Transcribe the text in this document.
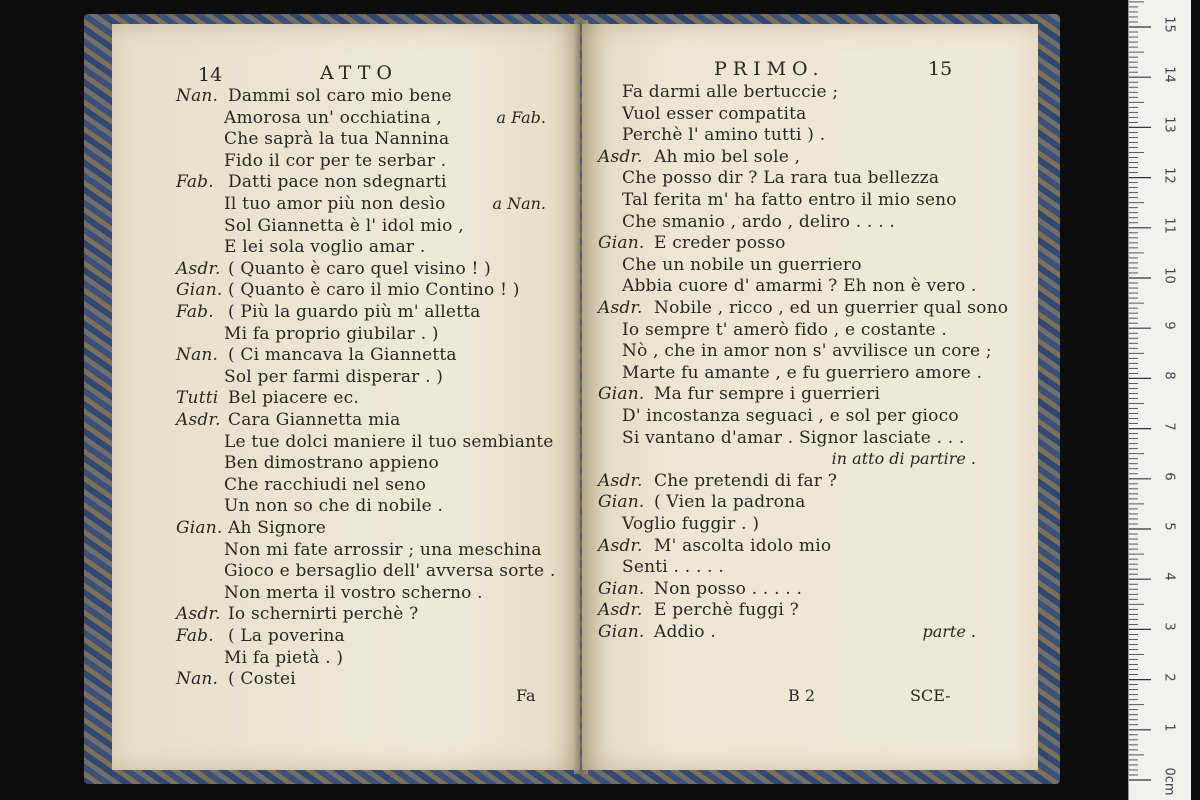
14	ATTO
Nan. Dammi sol caro mio bene
Amorosa un' occhiatina ,
Che saprà la tua Nannina
Fido il cor per te serbar .
Fab. Datti pace non sdegnarti
Il tuo amor più non desìo
Sol Giannetta è l' idol mio ,
E lei sola voglio amar .
Asdr. ( Quanto è caro quel visino ! )
Gian. ( Quanto è caro il mio Contino ! )
Fab. ( Più la guardo più m' alletta
Mi fa proprio giubilar . )
Nan. ( Ci mancava la Giannetta
Sol per farmi disperar . )
Tutti Bel piacere ec.
Asdr. Cara Giannetta mia
Le tue dolci maniere il tuo sembiante
Ben dimostrano appieno
Che racchiudi nel seno
Un non so che di nobile .
Gian. Ah Signore
Non mi fate arrossir ; una meschina
Gioco e bersaglio dell' avversa sorte .
Non merta il vostro scherno .
Asdr. Io schernirti perchè ?
Fab. ( La poverina
Mi fa pietà . )
Nan. ( Costei
a Fab.
a Nan.
Fa
PRIMO.	15
Fa darmi alle bertuccie ;
Vuol esser compatita
Perchè l' amino tutti ) .
Asdr. Ah mio bel sole ,
Che posso dir ? La rara tua bellezza
Tal ferita m' ha fatto entro il mio seno
Che smanio , ardo , deliro . . . .
Gian. E creder posso
Che un nobile un guerriero
Abbia cuore d' amarmi ? Eh non è vero .
Asdr. Nobile , ricco , ed un guerrier qual sono
Io sempre t' amerò fido , e costante .
Nò , che in amor non s' avvilisce un core ;
Marte fu amante , e fu guerriero amore .
Gian. Ma fur sempre i guerrieri
D' incostanza seguaci , e sol per gioco
Si vantano d'amar . Signor lasciate . . .
Asdr. Che pretendi di far ?
Gian. ( Vien la padrona
Voglio fuggir . )
Asdr. M' ascolta idolo mio
Senti . . . . .
Gian. Non posso . . . . .
Asdr. E perchè fuggi ?
Gian. Addio .
in atto di partire .
parte .
B 2	SCE-
15
14
13
12
11
10
9
8
7
6
5
4
3
2
1
0cm
